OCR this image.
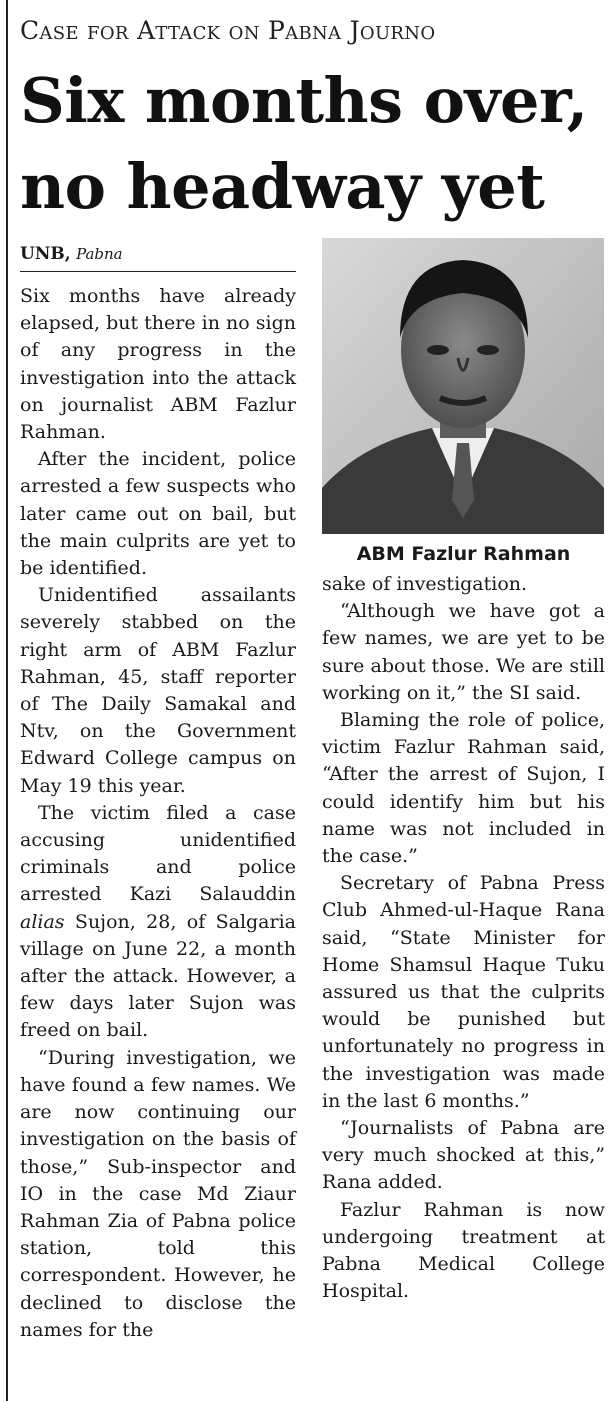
Case for Attack on Pabna Journo
Six months over,
no headway yet
UNB, Pabna

Six months have already elapsed, but there in no sign of any progress in the investigation into the attack on journalist ABM Fazlur Rahman.

After the incident, police arrested a few suspects who later came out on bail, but the main culprits are yet to be identified.

Unidentified assailants severely stabbed on the right arm of ABM Fazlur Rahman, 45, staff reporter of The Daily Samakal and Ntv, on the Government Edward College campus on May 19 this year.

The victim filed a case accusing unidentified criminals and police arrested Kazi Salauddin alias Sujon, 28, of Salgaria village on June 22, a month after the attack. However, a few days later Sujon was freed on bail.

“During investigation, we have found a few names. We are now continuing our investigation on the basis of those,” Sub-inspector and IO in the case Md Ziaur Rahman Zia of Pabna police station, told this correspondent. However, he declined to disclose the names for the

ABM Fazlur Rahman

sake of investigation.

“Although we have got a few names, we are yet to be sure about those. We are still working on it,” the SI said.

Blaming the role of police, victim Fazlur Rahman said, “After the arrest of Sujon, I could identify him but his name was not included in the case.”

Secretary of Pabna Press Club Ahmed-ul-Haque Rana said, “State Minister for Home Shamsul Haque Tuku assured us that the culprits would be punished but unfortunately no progress in the investigation was made in the last 6 months.”

“Journalists of Pabna are very much shocked at this,” Rana added.

Fazlur Rahman is now undergoing treatment at Pabna Medical College Hospital.
